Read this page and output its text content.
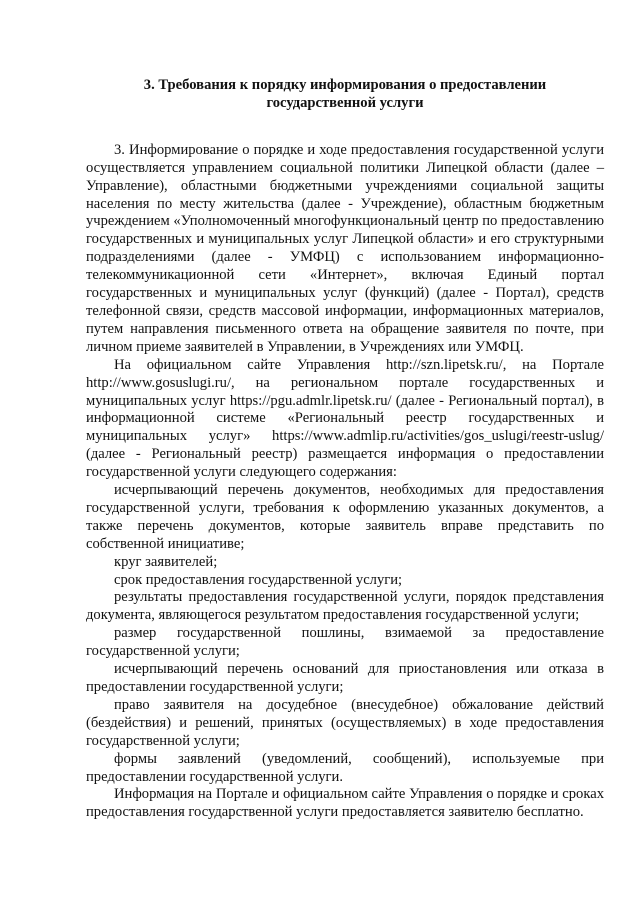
3. Требования к порядку информирования о предоставлении
государственной услуги

3. Информирование о порядке и ходе предоставления государственной услуги осуществляется управлением социальной политики Липецкой области (далее – Управление), областными бюджетными учреждениями социальной защиты населения по месту жительства (далее - Учреждение), областным бюджетным учреждением «Уполномоченный многофункциональный центр по предоставлению государственных и муниципальных услуг Липецкой области» и его структурными подразделениями (далее - УМФЦ) с использованием информационно-телекоммуникационной сети «Интернет», включая Единый портал государственных и муниципальных услуг (функций) (далее - Портал), средств телефонной связи, средств массовой информации, информационных материалов, путем направления письменного ответа на обращение заявителя по почте, при личном приеме заявителей в Управлении, в Учреждениях или УМФЦ.

На официальном сайте Управления http://szn.lipetsk.ru/, на Портале http://www.gosuslugi.ru/, на региональном портале государственных и муниципальных услуг https://pgu.admlr.lipetsk.ru/ (далее - Региональный портал), в информационной системе «Региональный реестр государственных и муниципальных услуг» https://www.admlip.ru/activities/gos_uslugi/reestr-uslug/ (далее - Региональный реестр) размещается информация о предоставлении государственной услуги следующего содержания:

исчерпывающий перечень документов, необходимых для предоставления государственной услуги, требования к оформлению указанных документов, а также перечень документов, которые заявитель вправе представить по собственной инициативе;

круг заявителей;

срок предоставления государственной услуги;

результаты предоставления государственной услуги, порядок представления документа, являющегося результатом предоставления государственной услуги;

размер государственной пошлины, взимаемой за предоставление государственной услуги;

исчерпывающий перечень оснований для приостановления или отказа в предоставлении государственной услуги;

право заявителя на досудебное (внесудебное) обжалование действий (бездействия) и решений, принятых (осуществляемых) в ходе предоставления государственной услуги;

формы заявлений (уведомлений, сообщений), используемые при предоставлении государственной услуги.

Информация на Портале и официальном сайте Управления о порядке и сроках предоставления государственной услуги предоставляется заявителю бесплатно.
